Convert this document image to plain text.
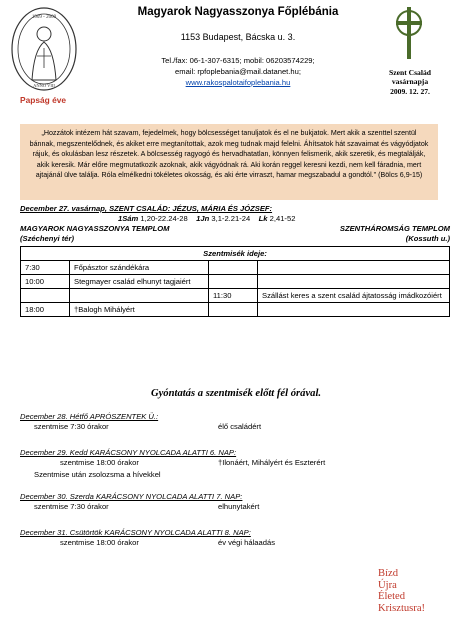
1909 - 2009
ANNO VIII
Magyarok Nagyasszonya Főplébánia
1153 Budapest, Bácska u. 3.
Tel./fax: 06-1-307-6315; mobil: 06203574229;
email: rpfoplebania@mail.datanet.hu;
www.rakospalotaifoplebania.hu
Papság éve
Szent Család
vasárnapja
2009. 12. 27.
„Hozzátok intézem hát szavam, fejedelmek, hogy bölcsességet tanuljatok és el ne bukjatok. Mert akik a szenttel szentül bánnak, megszentelődnek, és akiket erre megtanítottak, azok meg tudnak majd felelni. Áhítsatok hát szavaimat és vágyódjatok rájuk, és okulásban lesz részetek. A bölcsesség ragyogó és hervadhatatlan, könnyen felismerik, akik szeretik, és megtalálják, akik keresik. Már előre megmutatkozik azoknak, akik vágyódnak rá. Aki korán reggel keresni kezdi, nem kell fáradnia, mert ajtajánál ülve találja. Róla elmélkedni tökéletes okosság, és aki érte virraszt, hamar megszabadul a gondtól." (Bölcs 6,9-15)
December 27. vasárnap, SZENT CSALÁD: JÉZUS, MÁRIA ÉS JÓZSEF:
1Sám 1,20-22.24-28 1Jn 3,1-2.21-24 Lk 2,41-52
MAGYAROK NAGYASSZONYA TEMPLOM
(Széchenyi tér)
SZENTHÁROMSÁG TEMPLOM
(Kossuth u.)
Szentmisék ideje:			
7:30	Főpásztor szándékára		
10:00	Stegmayer család elhunyt tagjaiért		
		11:30	Szállást keres a szent család ájtatosság imádkozóiért
18:00	†Balogh Mihályért		
Gyóntatás a szentmisék előtt fél órával.
December 28. Hétfő APRÓSZENTEK Ü.:
szentmise 7:30 órakor	élő családért
December 29. Kedd KARÁCSONY NYOLCADA ALATTI 6. NAP:
szentmise 18:00 órakor	†Ilonáért, Mihályért és Eszterért
Szentmise után zsolozsma a hívekkel
December 30. Szerda KARÁCSONY NYOLCADA ALATTI 7. NAP:
szentmise 7:30 órakor	elhunytakért
December 31. Csütörtök KARÁCSONY NYOLCADA ALATTI 8. NAP:
szentmise 18:00 órakor	év végi hálaadás
Bízd
Újra
Életed
Krisztusra!
